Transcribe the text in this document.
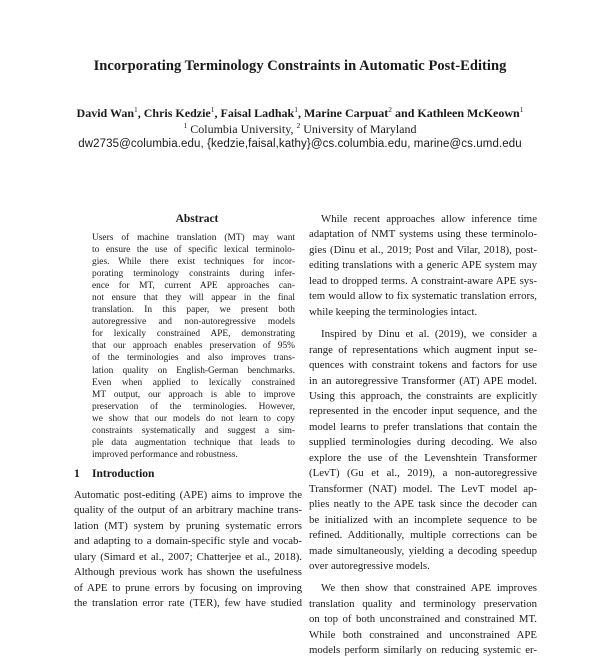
Incorporating Terminology Constraints in Automatic Post-Editing
David Wan$^1$, Chris Kedzie$^1$, Faisal Ladhak$^1$, Marine Carpuat$^2$ and Kathleen McKeown$^1$
$^1$ Columbia University, $^2$ University of Maryland
dw2735@columbia.edu, {kedzie,faisal,kathy}@cs.columbia.edu, marine@cs.umd.edu
Abstract
Users of machine translation (MT) may want
to ensure the use of specific lexical terminolo-
gies. While there exist techniques for incor-
porating terminology constraints during infer-
ence for MT, current APE approaches can-
not ensure that they will appear in the final
translation. In this paper, we present both
autoregressive and non-autoregressive models
for lexically constrained APE, demonstrating
that our approach enables preservation of 95%
of the terminologies and also improves trans-
lation quality on English-German benchmarks.
Even when applied to lexically constrained
MT output, our approach is able to improve
preservation of the terminologies. However,
we show that our models do not learn to copy
constraints systematically and suggest a sim-
ple data augmentation technique that leads to
improved performance and robustness.
1 Introduction
Automatic post-editing (APE) aims to improve the
quality of the output of an arbitrary machine trans-
lation (MT) system by pruning systematic errors
and adapting to a domain-specific style and vocab-
ulary (Simard et al., 2007; Chatterjee et al., 2018).
Although previous work has shown the usefulness
of APE to prune errors by focusing on improving
the translation error rate (TER), few have studied
While recent approaches allow inference time
adaptation of NMT systems using these terminolo-
gies (Dinu et al., 2019; Post and Vilar, 2018), post-
editing translations with a generic APE system may
lead to dropped terms. A constraint-aware APE sys-
tem would allow to fix systematic translation errors,
while keeping the terminologies intact.
Inspired by Dinu et al. (2019), we consider a
range of representations which augment input se-
quences with constraint tokens and factors for use
in an autoregressive Transformer (AT) APE model.
Using this approach, the constraints are explicitly
represented in the encoder input sequence, and the
model learns to prefer translations that contain the
supplied terminologies during decoding. We also
explore the use of the Levenshtein Transformer
(LevT) (Gu et al., 2019), a non-autoregressive
Transformer (NAT) model. The LevT model ap-
plies neatly to the APE task since the decoder can
be initialized with an incomplete sequence to be
refined. Additionally, multiple corrections can be
made simultaneously, yielding a decoding speedup
over autoregressive models.
We then show that constrained APE improves
translation quality and terminology preservation
on top of both unconstrained and constrained MT.
While both constrained and unconstrained APE
models perform similarly on reducing systemic er-
